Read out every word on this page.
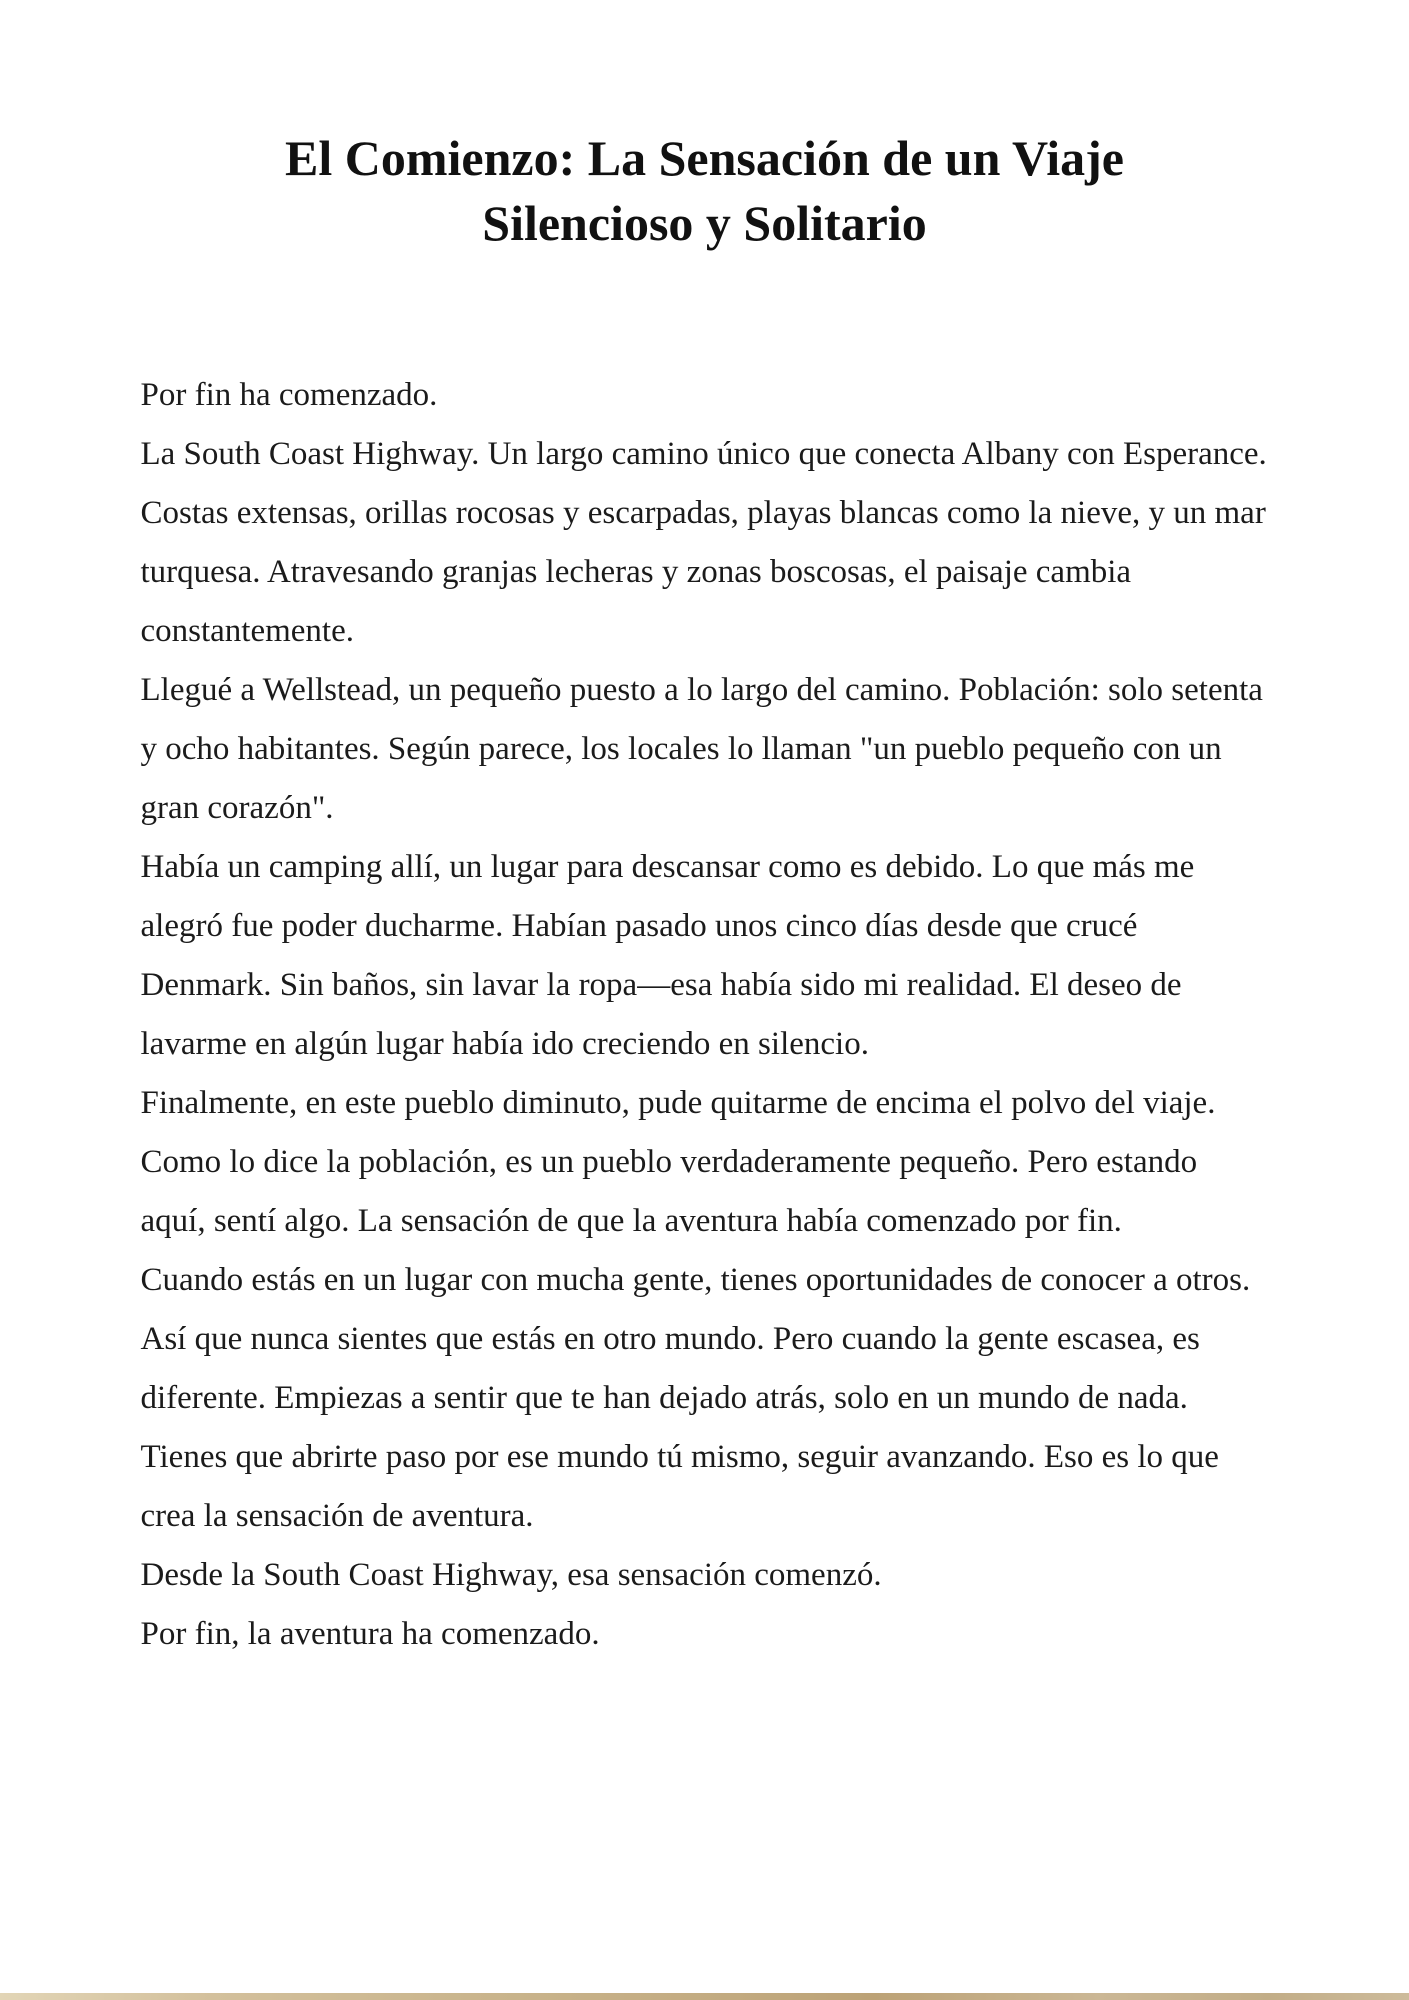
El Comienzo: La Sensación de un Viaje Silencioso y Solitario

Por fin ha comenzado.

La South Coast Highway. Un largo camino único que conecta Albany con Esperance. Costas extensas, orillas rocosas y escarpadas, playas blancas como la nieve, y un mar turquesa. Atravesando granjas lecheras y zonas boscosas, el paisaje cambia constantemente.

Llegué a Wellstead, un pequeño puesto a lo largo del camino. Población: solo setenta y ocho habitantes. Según parece, los locales lo llaman "un pueblo pequeño con un gran corazón".

Había un camping allí, un lugar para descansar como es debido. Lo que más me alegró fue poder ducharme. Habían pasado unos cinco días desde que crucé Denmark. Sin baños, sin lavar la ropa—esa había sido mi realidad. El deseo de lavarme en algún lugar había ido creciendo en silencio.

Finalmente, en este pueblo diminuto, pude quitarme de encima el polvo del viaje.

Como lo dice la población, es un pueblo verdaderamente pequeño. Pero estando aquí, sentí algo. La sensación de que la aventura había comenzado por fin.

Cuando estás en un lugar con mucha gente, tienes oportunidades de conocer a otros. Así que nunca sientes que estás en otro mundo. Pero cuando la gente escasea, es diferente. Empiezas a sentir que te han dejado atrás, solo en un mundo de nada. Tienes que abrirte paso por ese mundo tú mismo, seguir avanzando. Eso es lo que crea la sensación de aventura.

Desde la South Coast Highway, esa sensación comenzó.

Por fin, la aventura ha comenzado.
